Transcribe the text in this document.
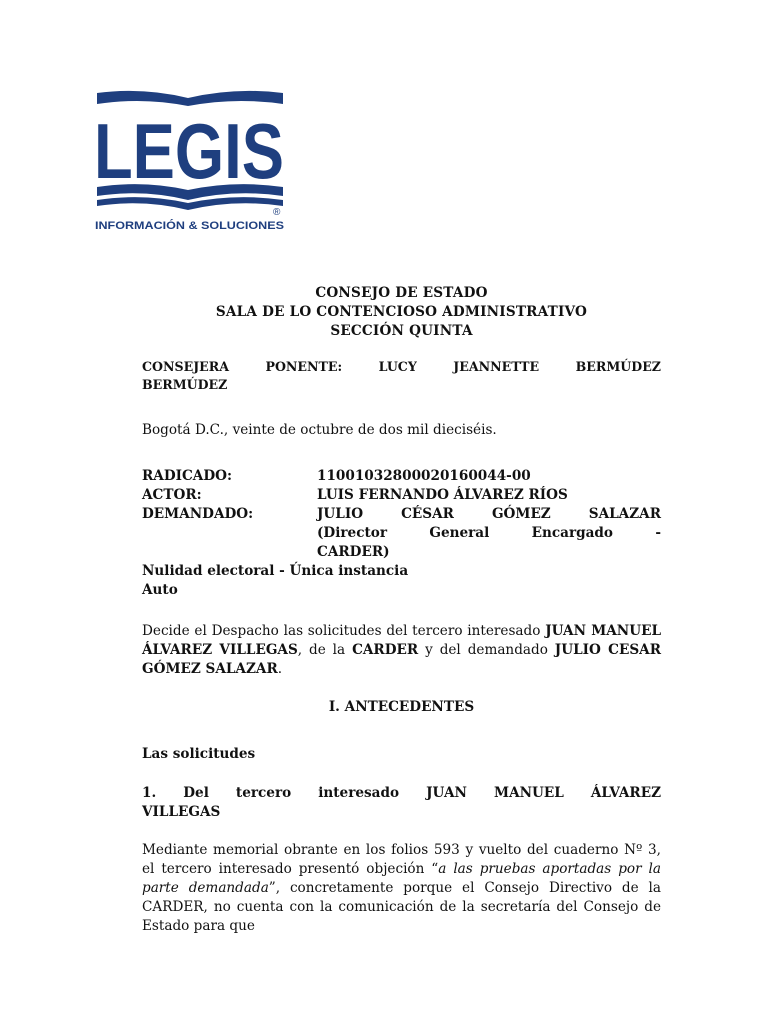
LEGIS
®
INFORMACIÓN & SOLUCIONES
CONSEJO DE ESTADO
SALA DE LO CONTENCIOSO ADMINISTRATIVO
SECCIÓN QUINTA
CONSEJERA PONENTE: LUCY JEANNETTE BERMÚDEZ
BERMÚDEZ
Bogotá D.C., veinte de octubre de dos mil dieciséis.
RADICADO:	11001032800020160044-00
ACTOR:	LUIS FERNANDO ÁLVAREZ RÍOS
DEMANDADO:	JULIO CÉSAR GÓMEZ SALAZAR
(Director General Encargado -
CARDER)
Nulidad electoral - Única instancia
Auto
Decide el Despacho las solicitudes del tercero interesado JUAN MANUEL ÁLVAREZ VILLEGAS, de la CARDER y del demandado JULIO CESAR GÓMEZ SALAZAR.
I. ANTECEDENTES
Las solicitudes
1. Del tercero interesado JUAN MANUEL ÁLVAREZ
VILLEGAS
Mediante memorial obrante en los folios 593 y vuelto del cuaderno Nº 3, el tercero interesado presentó objeción “a las pruebas aportadas por la parte demandada”, concretamente porque el Consejo Directivo de la CARDER, no cuenta con la comunicación de la secretaría del Consejo de Estado para que
